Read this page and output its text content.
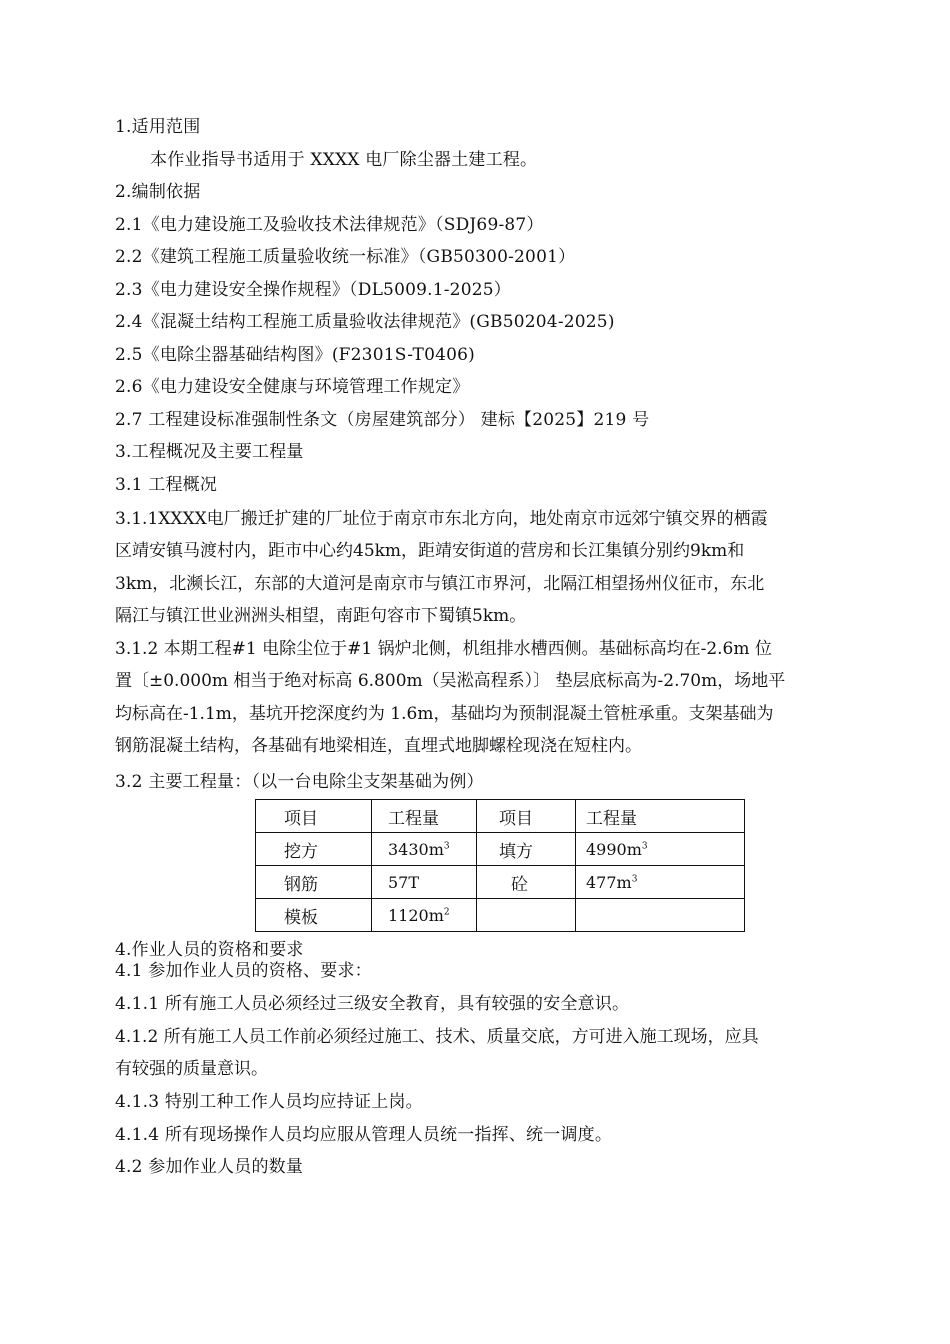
1.适用范围
本作业指导书适用于 XXXX 电厂除尘器土建工程。
2.编制依据
2.1《电力建设施工及验收技术法律规范》（SDJ69-87）
2.2《建筑工程施工质量验收统一标准》（GB50300-2001）
2.3《电力建设安全操作规程》（DL5009.1-2025）
2.4《混凝土结构工程施工质量验收法律规范》(GB50204-2025)
2.5《电除尘器基础结构图》(F2301S-T0406)
2.6《电力建设安全健康与环境管理工作规定》
2.7 工程建设标准强制性条文（房屋建筑部分） 建标【2025】219 号
3.工程概况及主要工程量
3.1 工程概况
3.1.1XXXX电厂搬迁扩建的厂址位于南京市东北方向，地处南京市远郊宁镇交界的栖霞
区靖安镇马渡村内，距市中心约45km，距靖安街道的营房和长江集镇分别约9km和
3km，北濒长江，东部的大道河是南京市与镇江市界河，北隔江相望扬州仪征市，东北
隔江与镇江世业洲洲头相望，南距句容市下蜀镇5km。
3.1.2 本期工程#1 电除尘位于#1 锅炉北侧，机组排水槽西侧。基础标高均在-2.6m 位
置〔±0.000m 相当于绝对标高 6.800m（吴淞高程系）〕 垫层底标高为-2.70m，场地平
均标高在-1.1m，基坑开挖深度约为 1.6m，基础均为预制混凝土管桩承重。支架基础为
钢筋混凝土结构，各基础有地梁相连，直埋式地脚螺栓现浇在短柱内。
3.2 主要工程量：（以一台电除尘支架基础为例）
项目	工程量	项目	工程量
挖方	$3430m^3$	填方	$4990m^3$
钢筋	57T	砼	$477m^3$
模板	$1120m^2$		
4.作业人员的资格和要求
4.1 参加作业人员的资格、要求：
4.1.1 所有施工人员必须经过三级安全教育，具有较强的安全意识。
4.1.2 所有施工人员工作前必须经过施工、技术、质量交底，方可进入施工现场，应具
有较强的质量意识。
4.1.3 特别工种工作人员均应持证上岗。
4.1.4 所有现场操作人员均应服从管理人员统一指挥、统一调度。
4.2 参加作业人员的数量
